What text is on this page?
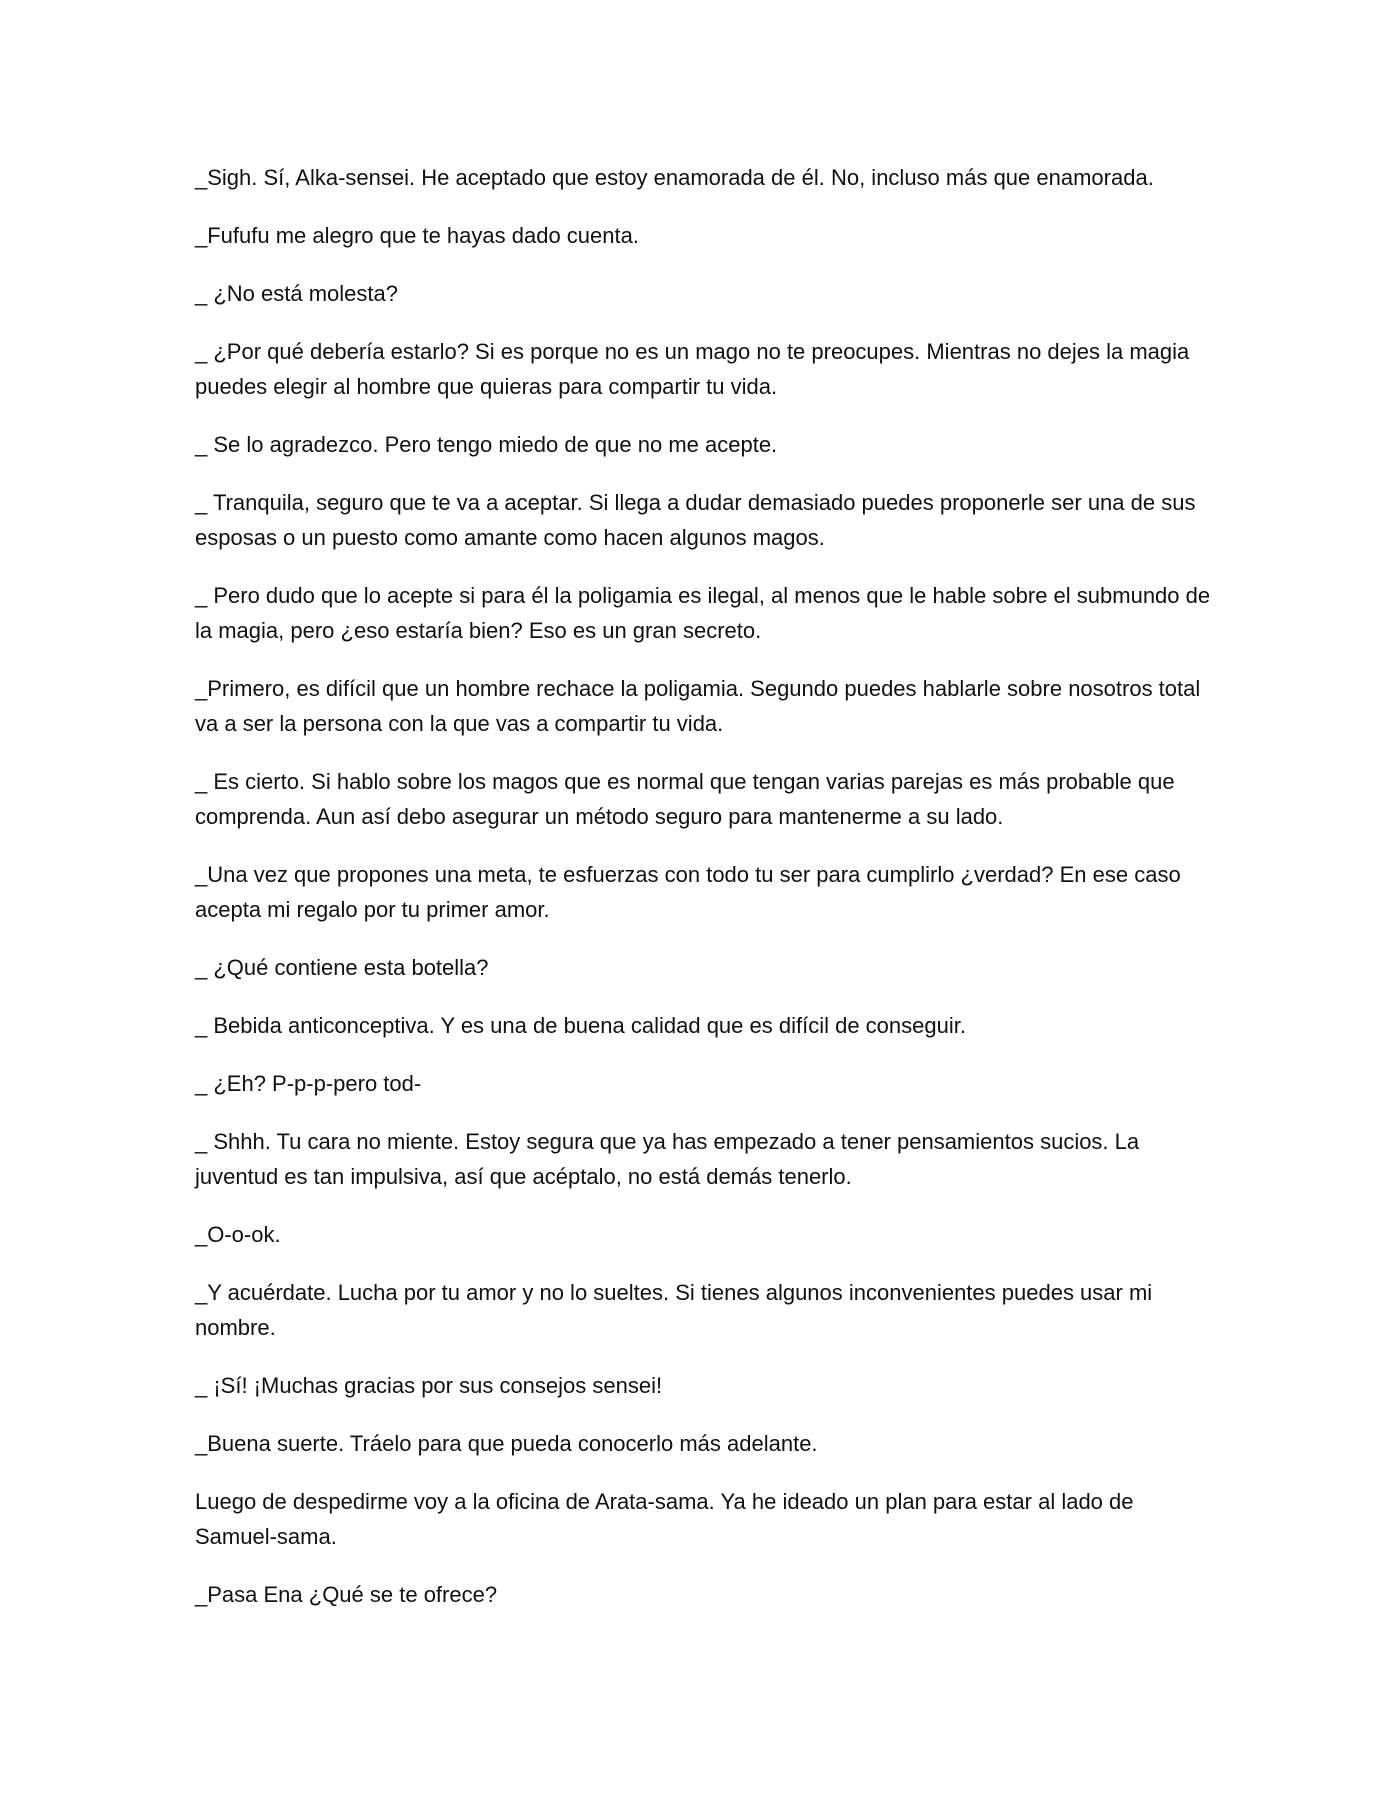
_Sigh. Sí, Alka-sensei. He aceptado que estoy enamorada de él. No, incluso más que enamorada.

_Fufufu me alegro que te hayas dado cuenta.

_ ¿No está molesta?

_ ¿Por qué debería estarlo? Si es porque no es un mago no te preocupes. Mientras no dejes la magia puedes elegir al hombre que quieras para compartir tu vida.

_ Se lo agradezco. Pero tengo miedo de que no me acepte.

_ Tranquila, seguro que te va a aceptar. Si llega a dudar demasiado puedes proponerle ser una de sus esposas o un puesto como amante como hacen algunos magos.

_ Pero dudo que lo acepte si para él la poligamia es ilegal, al menos que le hable sobre el submundo de la magia, pero ¿eso estaría bien? Eso es un gran secreto.

_Primero, es difícil que un hombre rechace la poligamia. Segundo puedes hablarle sobre nosotros total va a ser la persona con la que vas a compartir tu vida.

_ Es cierto. Si hablo sobre los magos que es normal que tengan varias parejas es más probable que comprenda. Aun así debo asegurar un método seguro para mantenerme a su lado.

_Una vez que propones una meta, te esfuerzas con todo tu ser para cumplirlo ¿verdad? En ese caso acepta mi regalo por tu primer amor.

_ ¿Qué contiene esta botella?

_ Bebida anticonceptiva. Y es una de buena calidad que es difícil de conseguir.

_ ¿Eh? P-p-p-pero tod-

_ Shhh. Tu cara no miente. Estoy segura que ya has empezado a tener pensamientos sucios. La juventud es tan impulsiva, así que acéptalo, no está demás tenerlo.

_O-o-ok.

_Y acuérdate. Lucha por tu amor y no lo sueltes. Si tienes algunos inconvenientes puedes usar mi nombre.

_ ¡Sí! ¡Muchas gracias por sus consejos sensei!

_Buena suerte. Tráelo para que pueda conocerlo más adelante.

Luego de despedirme voy a la oficina de Arata-sama. Ya he ideado un plan para estar al lado de Samuel-sama.

_Pasa Ena ¿Qué se te ofrece?
